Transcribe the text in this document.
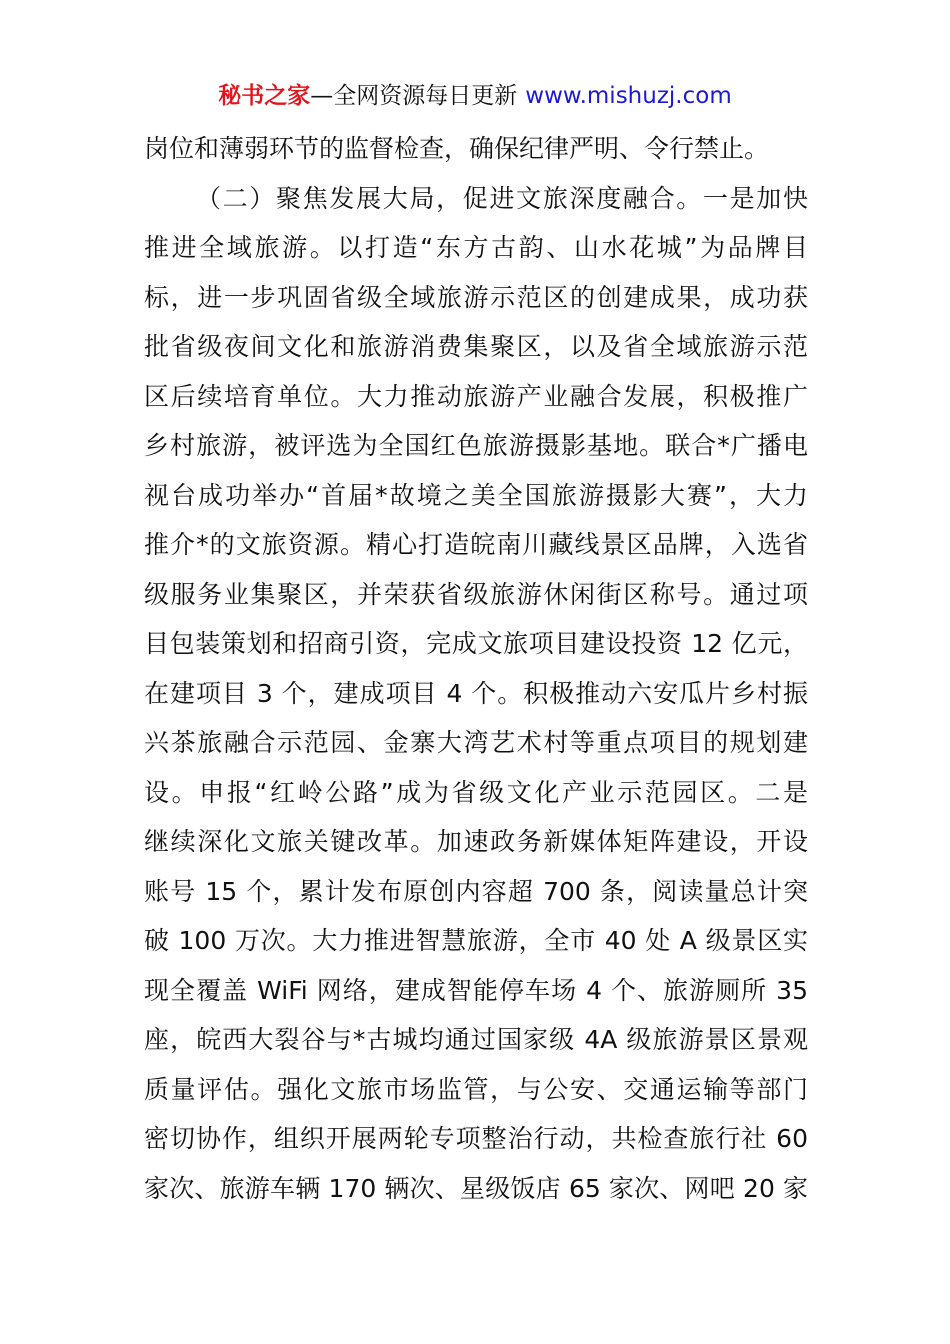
秘书之家—全网资源每日更新 www.mishuzj.com
岗位和薄弱环节的监督检查，确保纪律严明、令行禁止。
（二）聚焦发展大局，促进文旅深度融合。一是加快
推进全域旅游。以打造“东方古韵、山水花城”为品牌目
标，进一步巩固省级全域旅游示范区的创建成果，成功获
批省级夜间文化和旅游消费集聚区，以及省全域旅游示范
区后续培育单位。大力推动旅游产业融合发展，积极推广
乡村旅游，被评选为全国红色旅游摄影基地。联合*广播电
视台成功举办“首届*故境之美全国旅游摄影大赛”，大力
推介*的文旅资源。精心打造皖南川藏线景区品牌，入选省
级服务业集聚区，并荣获省级旅游休闲街区称号。通过项
目包装策划和招商引资，完成文旅项目建设投资 12 亿元，
在建项目 3 个，建成项目 4 个。积极推动六安瓜片乡村振
兴茶旅融合示范园、金寨大湾艺术村等重点项目的规划建
设。申报“红岭公路”成为省级文化产业示范园区。二是
继续深化文旅关键改革。加速政务新媒体矩阵建设，开设
账号 15 个，累计发布原创内容超 700 条，阅读量总计突
破 100 万次。大力推进智慧旅游，全市 40 处 A 级景区实
现全覆盖 WiFi 网络，建成智能停车场 4 个、旅游厕所 35
座，皖西大裂谷与*古城均通过国家级 4A 级旅游景区景观
质量评估。强化文旅市场监管，与公安、交通运输等部门
密切协作，组织开展两轮专项整治行动，共检查旅行社 60
家次、旅游车辆 170 辆次、星级饭店 65 家次、网吧 20 家
